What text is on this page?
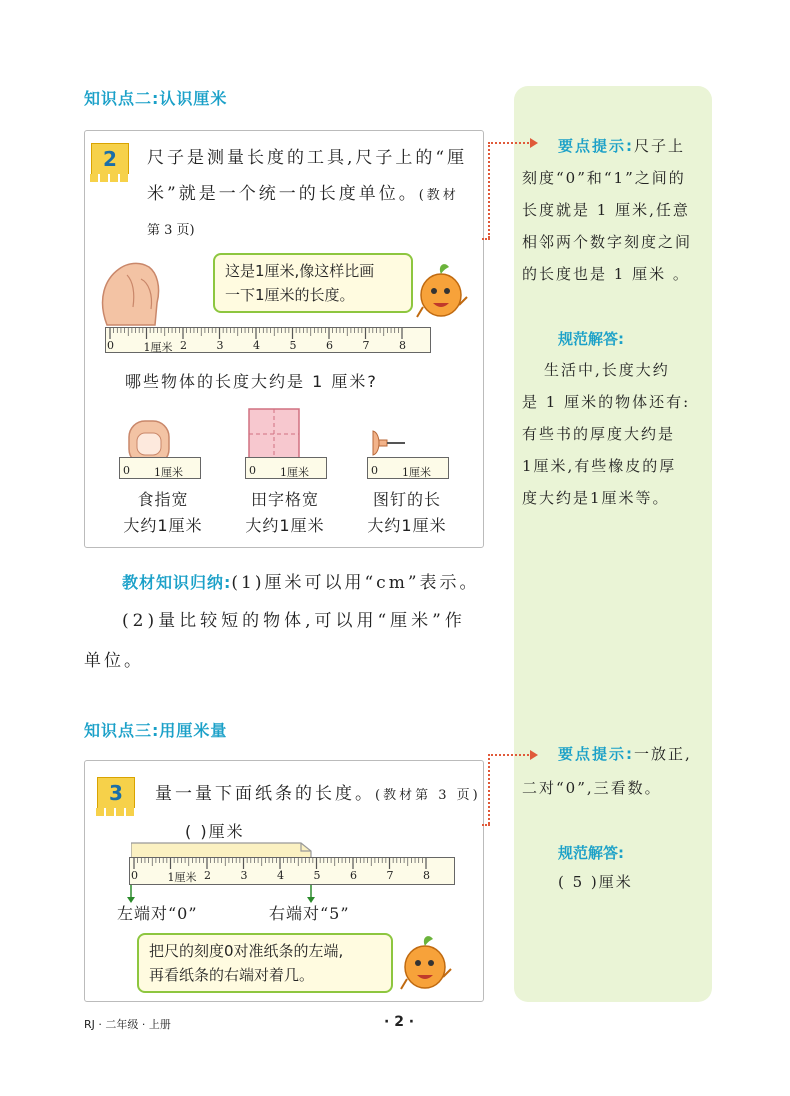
知识点二:认识厘米
2	尺子是测量长度的工具,尺子上的“厘
米”就是一个统一的长度单位。(教材
第 3 页)
这是1厘米,像这样比画
一下1厘米的长度。
0	1厘米 2	3	4	5	6	7	8
哪些物体的长度大约是 1 厘米?
0 1厘米	0 1厘米	0 1厘米
食指宽
大约1厘米
田字格宽
大约1厘米
图钉的长
大约1厘米
教材知识归纳:(1)厘米可以用“cm”表示。
(2)量比较短的物体,可以用“厘米”作
单位。
知识点三:用厘米量
3	量一量下面纸条的长度。(教材第 3 页)
( )厘米
0	1厘米 2	3	4	5	6	7	8
左端对“0”	右端对“5”
把尺的刻度0对准纸条的左端,
再看纸条的右端对着几。
要点提示:尺子上
刻度“0”和“1”之间的
长度就是 1 厘米,任意
相邻两个数字刻度之间
的长度也是 1 厘米 。
规范解答:
生活中,长度大约
是 1 厘米的物体还有:
有些书的厚度大约是
1厘米,有些橡皮的厚
度大约是1厘米等。
要点提示:一放正,
二对“0”,三看数。
规范解答:
( 5 )厘米
RJ · 二年级 · 上册	· 2 ·
